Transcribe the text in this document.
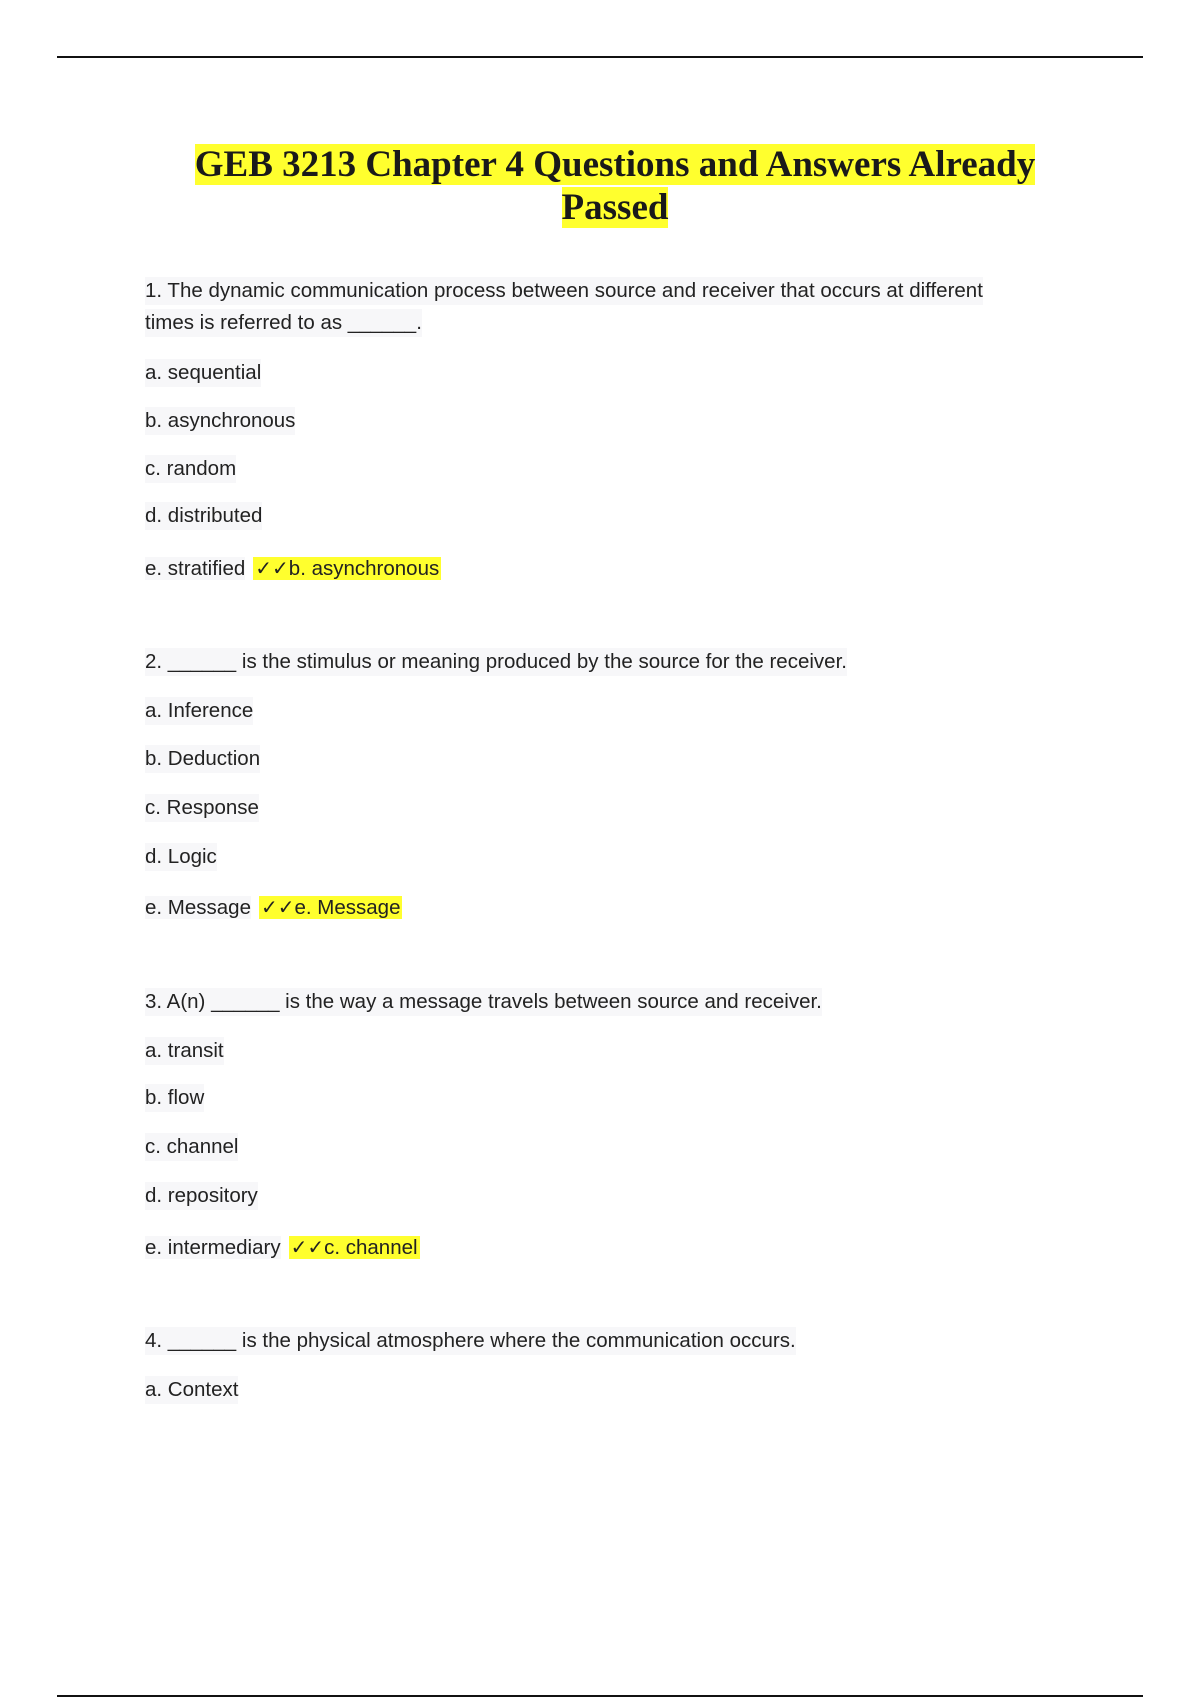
GEB 3213 Chapter 4 Questions and Answers Already
Passed
1. The dynamic communication process between source and receiver that occurs at different
times is referred to as ______.
a. sequential
b. asynchronous
c. random
d. distributed
e. stratified ✓✓b. asynchronous
2. ______ is the stimulus or meaning produced by the source for the receiver.
a. Inference
b. Deduction
c. Response
d. Logic
e. Message ✓✓e. Message
3. A(n) ______ is the way a message travels between source and receiver.
a. transit
b. flow
c. channel
d. repository
e. intermediary ✓✓c. channel
4. ______ is the physical atmosphere where the communication occurs.
a. Context
